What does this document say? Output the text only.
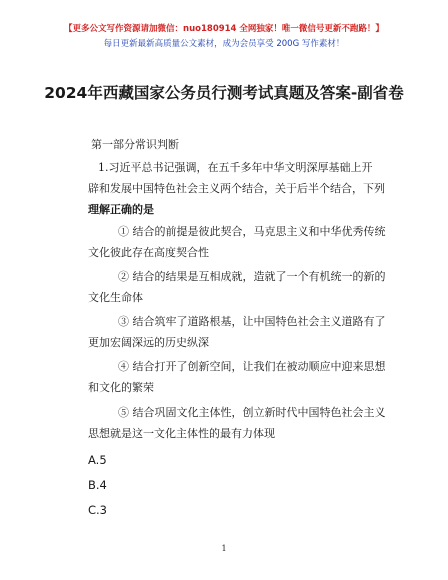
【更多公文写作资源请加微信：nuo180914 全网独家！唯一微信号更新不跑路！】
每日更新最新高质量公文素材，成为会员享受 200G 写作素材！
2024年西藏国家公务员行测考试真题及答案-副省卷
第一部分常识判断
1.习近平总书记强调，在五千多年中华文明深厚基础上开
辟和发展中国特色社会主义两个结合，关于后半个结合，下列
理解正确的是
① 结合的前提是彼此契合，马克思主义和中华优秀传统
文化彼此存在高度契合性
② 结合的结果是互相成就，造就了一个有机统一的新的
文化生命体
③ 结合筑牢了道路根基，让中国特色社会主义道路有了
更加宏阔深远的历史纵深
④ 结合打开了创新空间，让我们在被动顺应中迎来思想
和文化的繁荣
⑤ 结合巩固文化主体性，创立新时代中国特色社会主义
思想就是这一文化主体性的最有力体现
A.5
B.4
C.3
1
